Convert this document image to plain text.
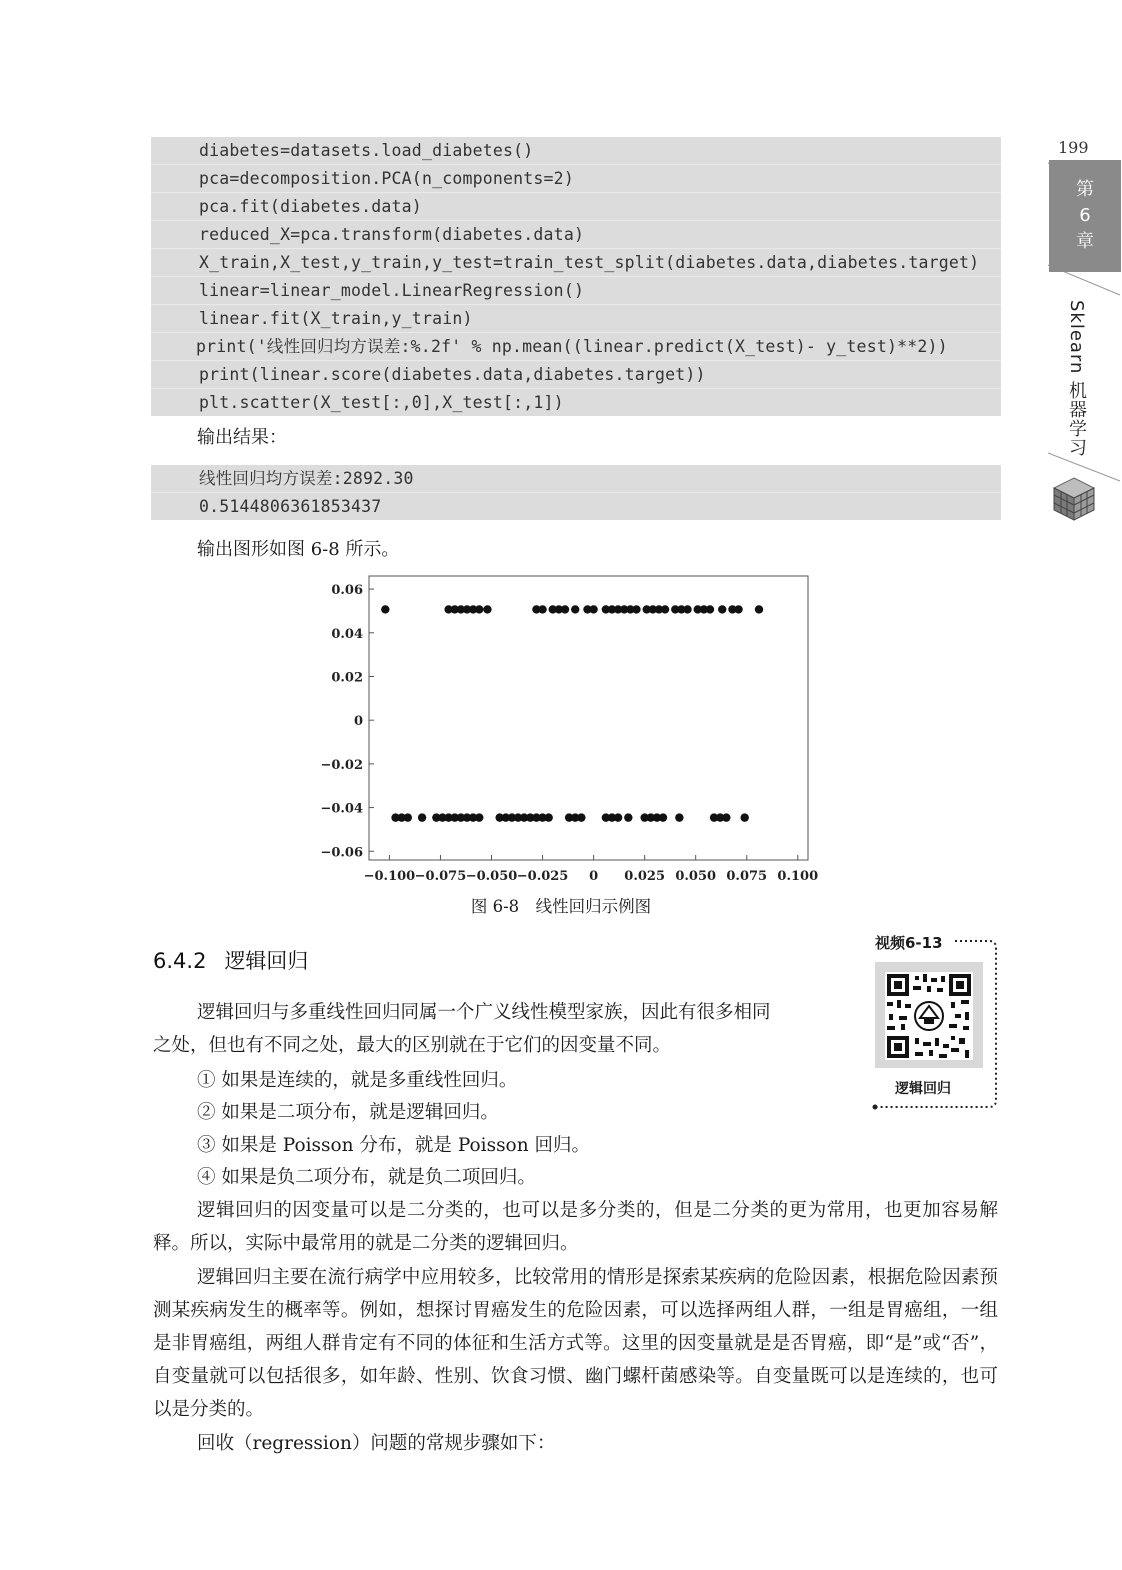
199
第
6
章
Sklearn 机器学习
diabetes=datasets.load_diabetes()
pca=decomposition.PCA(n_components=2)
pca.fit(diabetes.data)
reduced_X=pca.transform(diabetes.data)
X_train,X_test,y_train,y_test=train_test_split(diabetes.data,diabetes.target)
linear=linear_model.LinearRegression()
linear.fit(X_train,y_train)
print('线性回归均方误差:%.2f' % np.mean((linear.predict(X_test)- y_test)**2))
print(linear.score(diabetes.data,diabetes.target))
plt.scatter(X_test[:,0],X_test[:,1])
输出结果：
线性回归均方误差:2892.30
0.5144806361853437
输出图形如图 6-8 所示。
0.06
0.04
0.02
0
−0.02
−0.04
−0.06
−0.100 −0.075 −0.050 −0.025 0 0.025 0.050 0.075 0.100
图 6-8　线性回归示例图
6.4.2 逻辑回归
视频6-13
逻辑回归
逻辑回归与多重线性回归同属一个广义线性模型家族，因此有很多相同
之处，但也有不同之处，最大的区别就在于它们的因变量不同。
① 如果是连续的，就是多重线性回归。
② 如果是二项分布，就是逻辑回归。
③ 如果是 Poisson 分布，就是 Poisson 回归。
④ 如果是负二项分布，就是负二项回归。
逻辑回归的因变量可以是二分类的，也可以是多分类的，但是二分类的更为常用，也更加容易解释。所以，实际中最常用的就是二分类的逻辑回归。
逻辑回归主要在流行病学中应用较多，比较常用的情形是探索某疾病的危险因素，根据危险因素预测某疾病发生的概率等。例如，想探讨胃癌发生的危险因素，可以选择两组人群，一组是胃癌组，一组是非胃癌组，两组人群肯定有不同的体征和生活方式等。这里的因变量就是是否胃癌，即“是”或“否”，自变量就可以包括很多，如年龄、性别、饮食习惯、幽门螺杆菌感染等。自变量既可以是连续的，也可以是分类的。
回收（regression）问题的常规步骤如下：
